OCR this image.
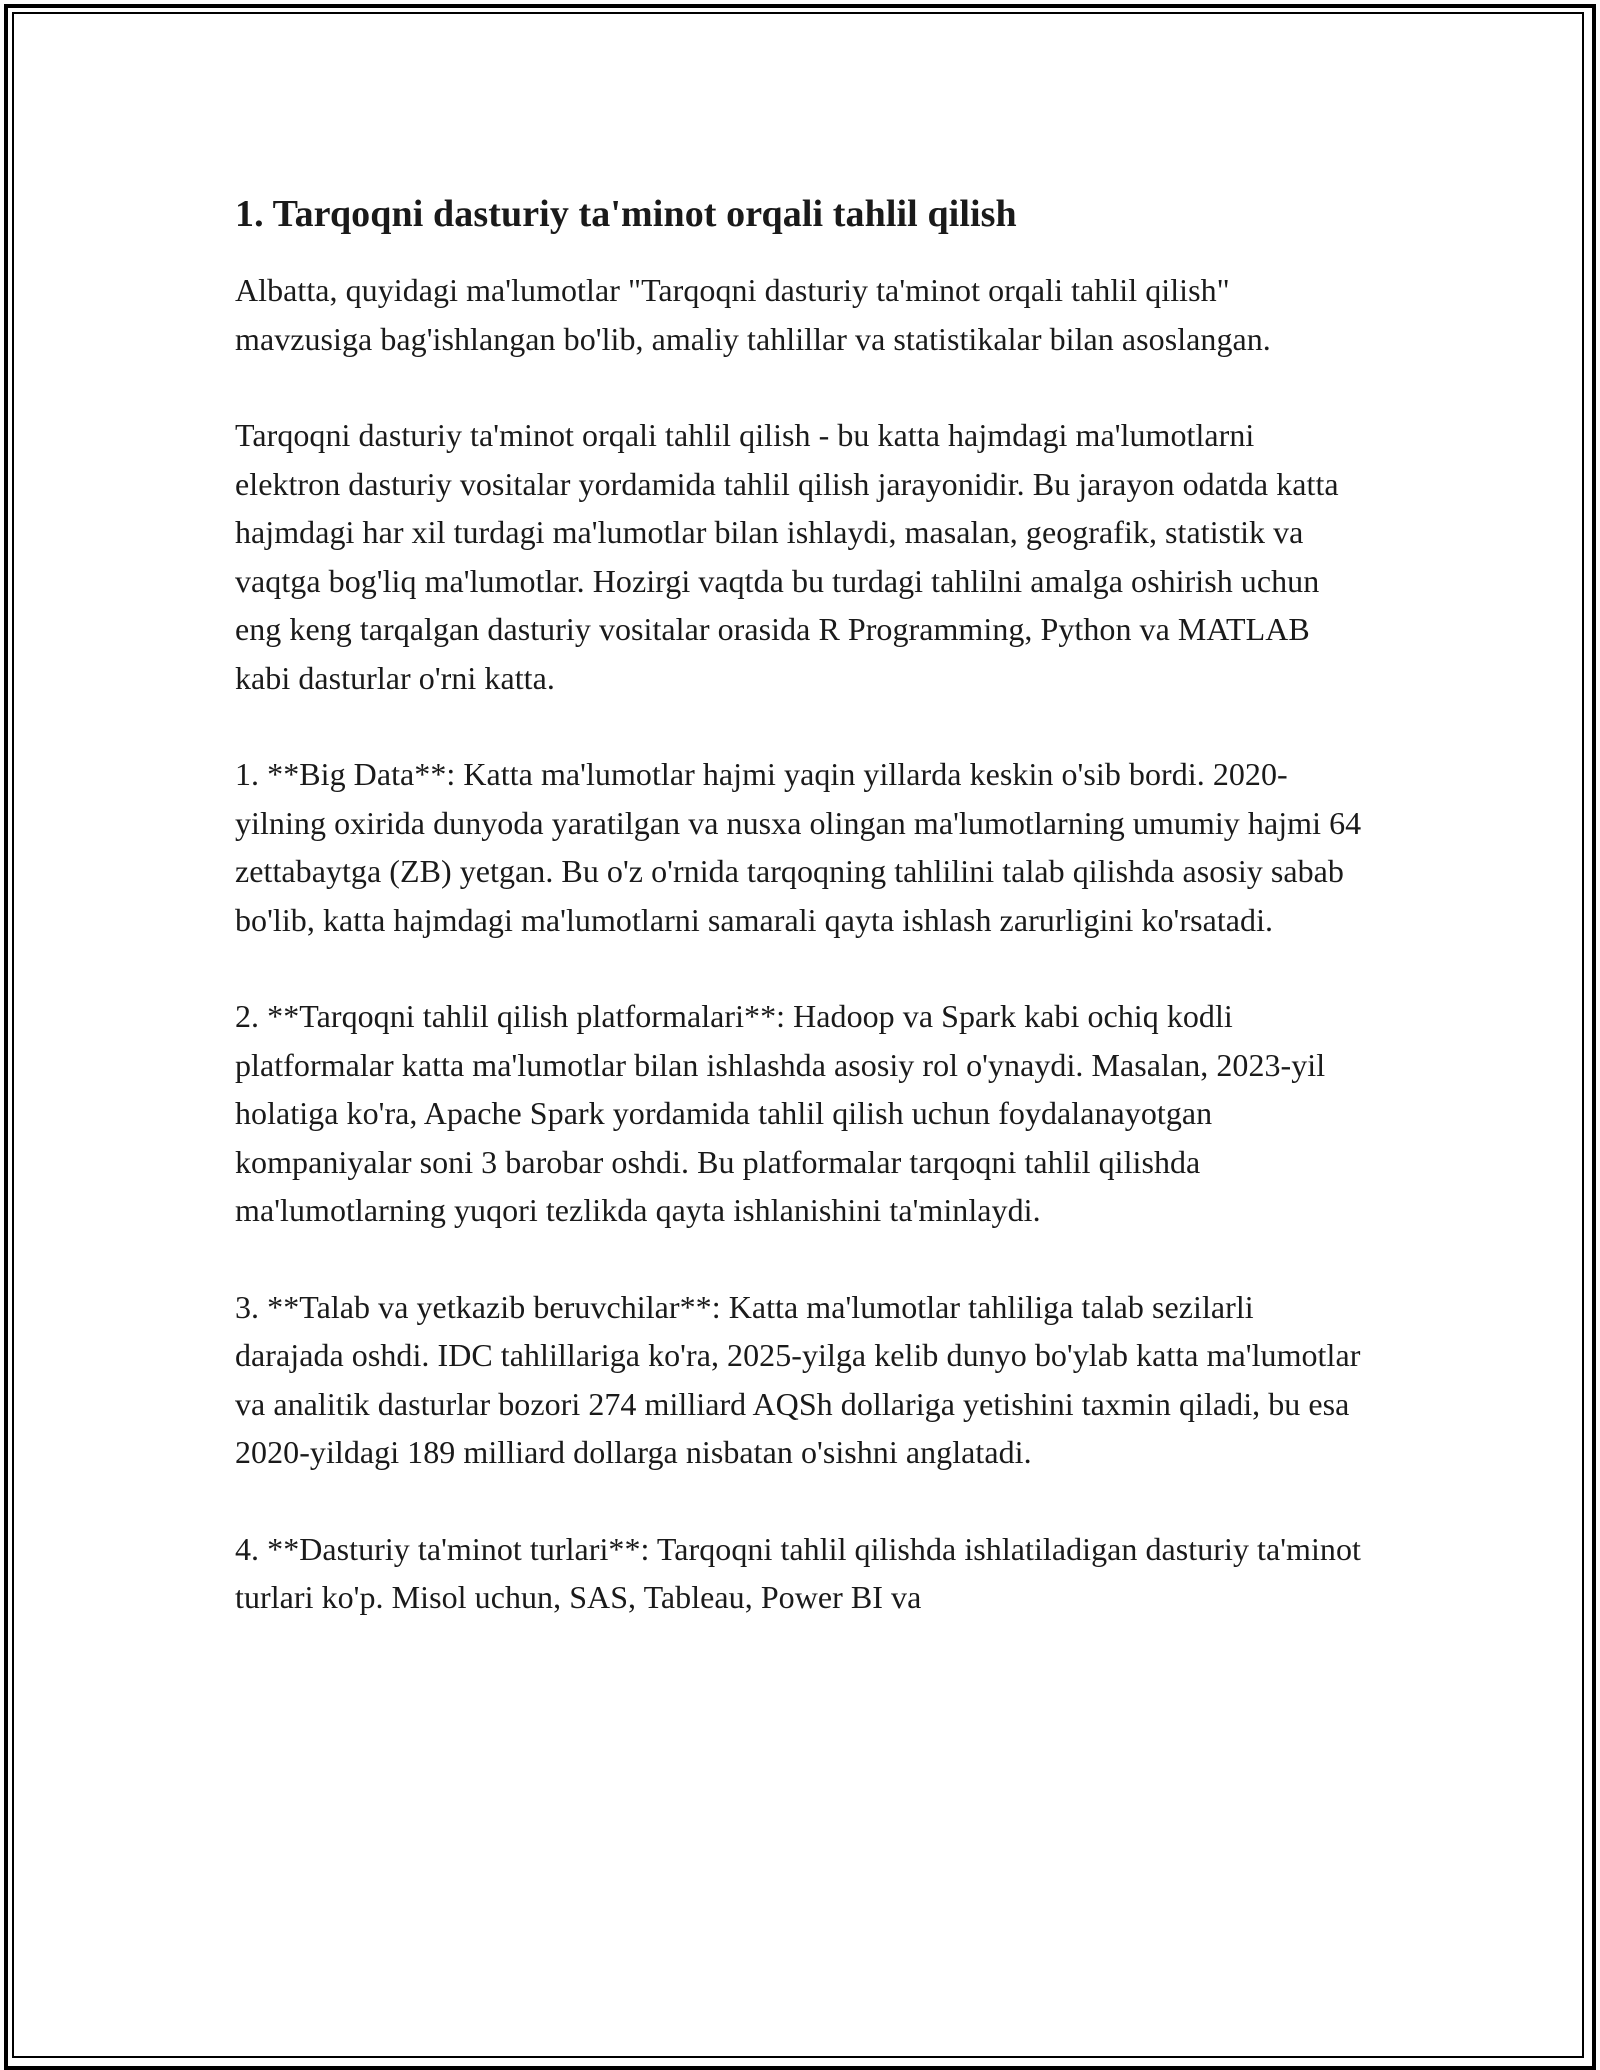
1. Tarqoqni dasturiy ta'minot orqali tahlil qilish

Albatta, quyidagi ma'lumotlar "Tarqoqni dasturiy ta'minot orqali tahlil qilish" mavzusiga bag'ishlangan bo'lib, amaliy tahlillar va statistikalar bilan asoslangan.

Tarqoqni dasturiy ta'minot orqali tahlil qilish - bu katta hajmdagi ma'lumotlarni elektron dasturiy vositalar yordamida tahlil qilish jarayonidir. Bu jarayon odatda katta hajmdagi har xil turdagi ma'lumotlar bilan ishlaydi, masalan, geografik, statistik va vaqtga bog'liq ma'lumotlar. Hozirgi vaqtda bu turdagi tahlilni amalga oshirish uchun eng keng tarqalgan dasturiy vositalar orasida R Programming, Python va MATLAB kabi dasturlar o'rni katta.

1. **Big Data**: Katta ma'lumotlar hajmi yaqin yillarda keskin o'sib bordi. 2020-yilning oxirida dunyoda yaratilgan va nusxa olingan ma'lumotlarning umumiy hajmi 64 zettabaytga (ZB) yetgan. Bu o'z o'rnida tarqoqning tahlilini talab qilishda asosiy sabab bo'lib, katta hajmdagi ma'lumotlarni samarali qayta ishlash zarurligini ko'rsatadi.

2. **Tarqoqni tahlil qilish platformalari**: Hadoop va Spark kabi ochiq kodli platformalar katta ma'lumotlar bilan ishlashda asosiy rol o'ynaydi. Masalan, 2023-yil holatiga ko'ra, Apache Spark yordamida tahlil qilish uchun foydalanayotgan kompaniyalar soni 3 barobar oshdi. Bu platformalar tarqoqni tahlil qilishda ma'lumotlarning yuqori tezlikda qayta ishlanishini ta'minlaydi.

3. **Talab va yetkazib beruvchilar**: Katta ma'lumotlar tahliliga talab sezilarli darajada oshdi. IDC tahlillariga ko'ra, 2025-yilga kelib dunyo bo'ylab katta ma'lumotlar va analitik dasturlar bozori 274 milliard AQSh dollariga yetishini taxmin qiladi, bu esa 2020-yildagi 189 milliard dollarga nisbatan o'sishni anglatadi.

4. **Dasturiy ta'minot turlari**: Tarqoqni tahlil qilishda ishlatiladigan dasturiy ta'minot turlari ko'p. Misol uchun, SAS, Tableau, Power BI va
